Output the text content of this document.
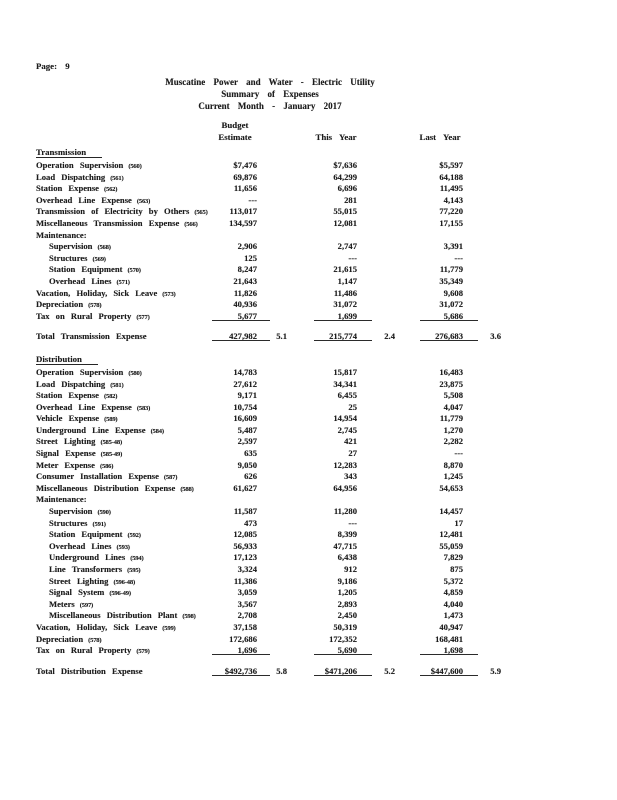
Page: 9
Muscatine Power and Water - Electric Utility
Summary of Expenses
Current Month - January 2017
Budget
Estimate	This Year	Last Year
Transmission
Operation Supervision (560)	$7,476	$7,636	$5,597
Load Dispatching (561)	69,876	64,299	64,188
Station Expense (562)	11,656	6,696	11,495
Overhead Line Expense (563)	---	281	4,143
Transmission of Electricity by Others (565)	113,017	55,015	77,220
Miscellaneous Transmission Expense (566)	134,597	12,081	17,155
Maintenance:
Supervision (568)	2,906	2,747	3,391
Structures (569)	125	---	---
Station Equipment (570)	8,247	21,615	11,779
Overhead Lines (571)	21,643	1,147	35,349
Vacation, Holiday, Sick Leave (573)	11,826	11,486	9,608
Depreciation (578)	40,936	31,072	31,072
Tax on Rural Property (577)	5,677	1,699	5,686
Total Transmission Expense	427,982	5.1	215,774	2.4	276,683	3.6
Distribution
Operation Supervision (580)	14,783	15,817	16,483
Load Dispatching (581)	27,612	34,341	23,875
Station Expense (582)	9,171	6,455	5,508
Overhead Line Expense (583)	10,754	25	4,047
Vehicle Expense (589)	16,609	14,954	11,779
Underground Line Expense (584)	5,487	2,745	1,270
Street Lighting (585-48)	2,597	421	2,282
Signal Expense (585-49)	635	27	---
Meter Expense (586)	9,050	12,283	8,870
Consumer Installation Expense (587)	626	343	1,245
Miscellaneous Distribution Expense (588)	61,627	64,956	54,653
Maintenance:
Supervision (590)	11,587	11,280	14,457
Structures (591)	473	---	17
Station Equipment (592)	12,085	8,399	12,481
Overhead Lines (593)	56,933	47,715	55,059
Underground Lines (594)	17,123	6,438	7,829
Line Transformers (595)	3,324	912	875
Street Lighting (596-48)	11,386	9,186	5,372
Signal System (596-49)	3,059	1,205	4,859
Meters (597)	3,567	2,893	4,040
Miscellaneous Distribution Plant (598)	2,708	2,450	1,473
Vacation, Holiday, Sick Leave (599)	37,158	50,319	40,947
Depreciation (578)	172,686	172,352	168,481
Tax on Rural Property (579)	1,696	5,690	1,698
Total Distribution Expense	$492,736	5.8	$471,206	5.2	$447,600	5.9
